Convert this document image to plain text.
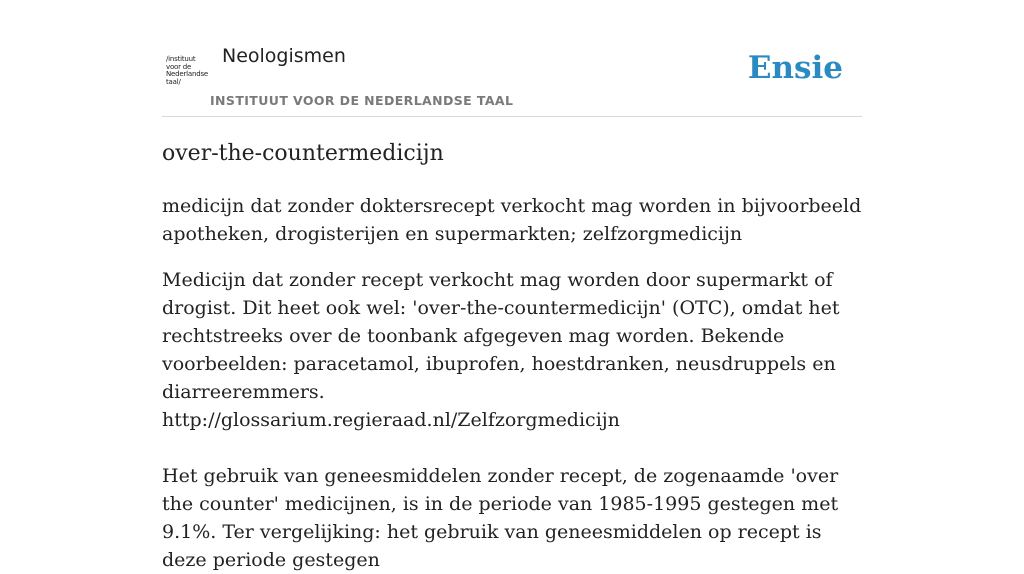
/instituut
voor de
Nederlandse
taal/
Neologismen
INSTITUUT VOOR DE NEDERLANDSE TAAL
Ensie
over-the-countermedicijn

medicijn dat zonder doktersrecept verkocht mag worden in bijvoorbeeld apotheken, drogisterijen en supermarkten; zelfzorgmedicijn

Medicijn dat zonder recept verkocht mag worden door supermarkt of drogist. Dit heet ook wel: 'over-the-countermedicijn' (OTC), omdat het rechtstreeks over de toonbank afgegeven mag worden. Bekende voorbeelden: paracetamol, ibuprofen, hoestdranken, neusdruppels en diarreeremmers.
http://glossarium.regieraad.nl/Zelfzorgmedicijn
Het gebruik van geneesmiddelen zonder recept, de zogenaamde 'over the counter' medicijnen, is in de periode van 1985-1995 gestegen met 9.1%. Ter vergelijking: het gebruik van geneesmiddelen op recept is deze periode gestegen
